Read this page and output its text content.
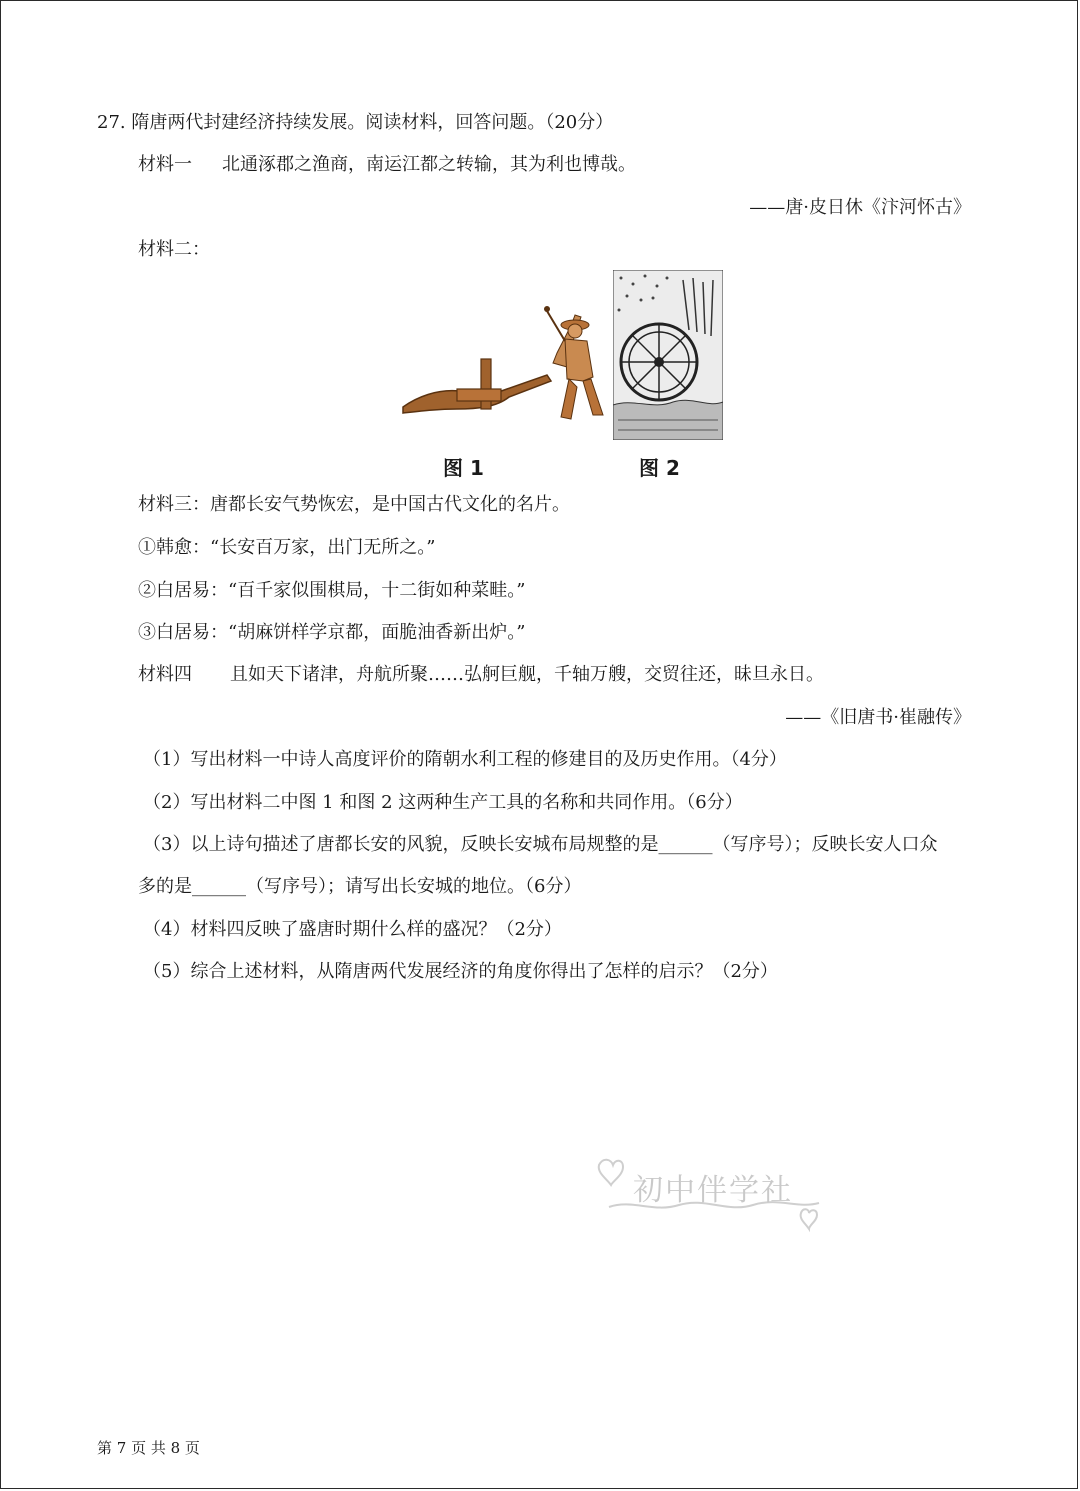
27. 隋唐两代封建经济持续发展。阅读材料，回答问题。（20分）
材料一 北通涿郡之渔商，南运江都之转输，其为利也博哉。
——唐·皮日休《汴河怀古》
材料二：
图 1	图 2
材料三：唐都长安气势恢宏，是中国古代文化的名片。
①韩愈：“长安百万家，出门无所之。”
②白居易：“百千家似围棋局，十二街如种菜畦。”
③白居易：“胡麻饼样学京都，面脆油香新出炉。”
材料四 且如天下诸津，舟航所聚……弘舸巨舰，千轴万艘，交贸往还，昧旦永日。
——《旧唐书·崔融传》
（1）写出材料一中诗人高度评价的隋朝水利工程的修建目的及历史作用。（4分）
（2）写出材料二中图 1 和图 2 这两种生产工具的名称和共同作用。（6分）
（3）以上诗句描述了唐都长安的风貌，反映长安城布局规整的是______（写序号）；反映长安人口众
多的是______（写序号）；请写出长安城的地位。（6分）
（4）材料四反映了盛唐时期什么样的盛况？（2分）
（5）综合上述材料，从隋唐两代发展经济的角度你得出了怎样的启示？（2分）
初中伴学社
第 7 页 共 8 页
